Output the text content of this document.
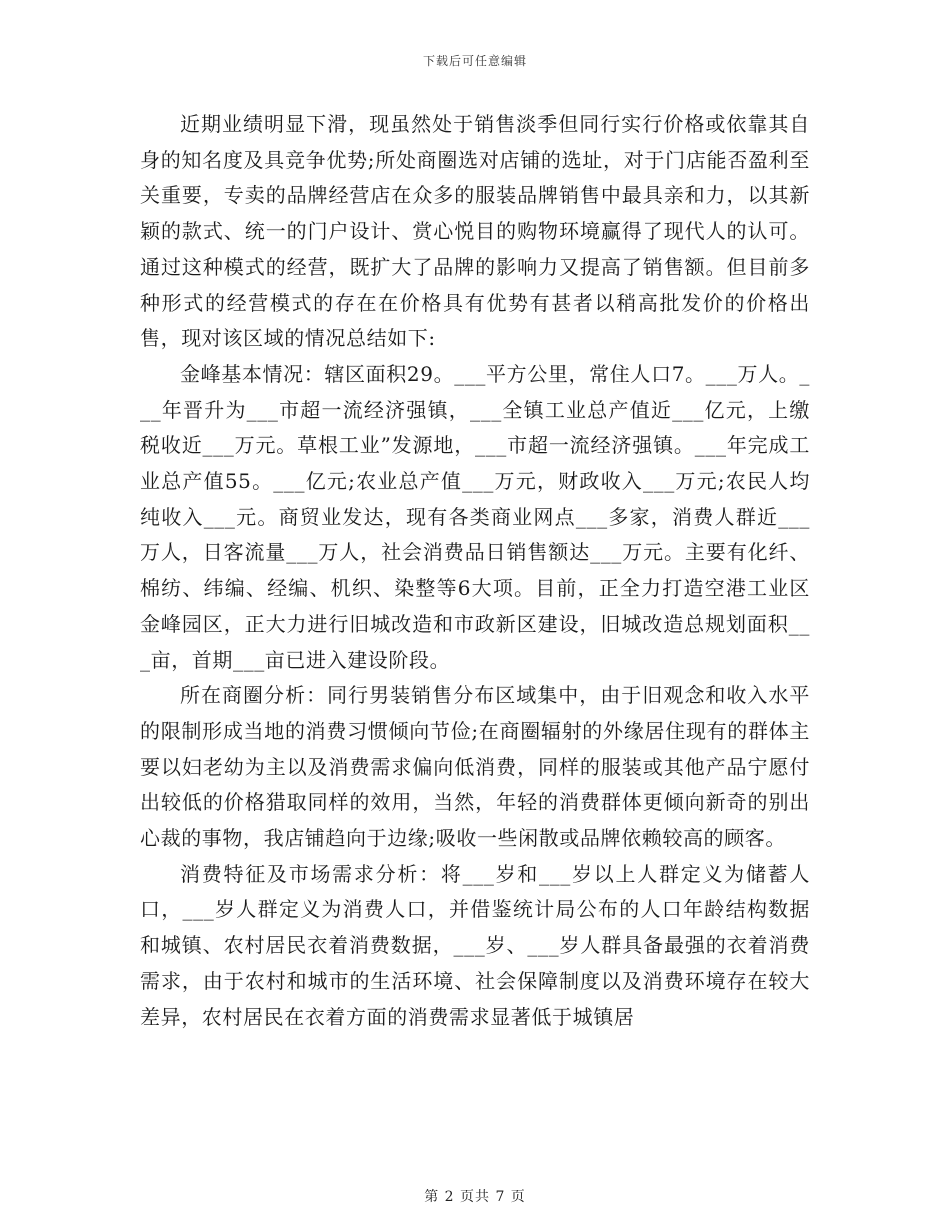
下载后可任意编辑

近期业绩明显下滑，现虽然处于销售淡季但同行实行价格或依靠其自身的知名度及具竞争优势;所处商圈选对店铺的选址，对于门店能否盈利至关重要，专卖的品牌经营店在众多的服装品牌销售中最具亲和力，以其新颖的款式、统一的门户设计、赏心悦目的购物环境赢得了现代人的认可。通过这种模式的经营，既扩大了品牌的影响力又提高了销售额。但目前多种形式的经营模式的存在在价格具有优势有甚者以稍高批发价的价格出售，现对该区域的情况总结如下:

金峰基本情况：辖区面积29。___平方公里，常住人口7。___万人。___年晋升为___市超一流经济强镇，___全镇工业总产值近___亿元，上缴税收近___万元。草根工业”发源地，___市超一流经济强镇。___年完成工业总产值55。___亿元;农业总产值___万元，财政收入___万元;农民人均纯收入___元。商贸业发达，现有各类商业网点___多家，消费人群近___万人，日客流量___万人，社会消费品日销售额达___万元。主要有化纤、棉纺、纬编、经编、机织、染整等6大项。目前，正全力打造空港工业区金峰园区，正大力进行旧城改造和市政新区建设，旧城改造总规划面积___亩，首期___亩已进入建设阶段。

所在商圈分析：同行男装销售分布区域集中，由于旧观念和收入水平的限制形成当地的消费习惯倾向节俭;在商圈辐射的外缘居住现有的群体主要以妇老幼为主以及消费需求偏向低消费，同样的服装或其他产品宁愿付出较低的价格猎取同样的效用，当然，年轻的消费群体更倾向新奇的别出心裁的事物，我店铺趋向于边缘;吸收一些闲散或品牌依赖较高的顾客。

消费特征及市场需求分析：将___岁和___岁以上人群定义为储蓄人口，___岁人群定义为消费人口，并借鉴统计局公布的人口年龄结构数据和城镇、农村居民衣着消费数据，___岁、___岁人群具备最强的衣着消费需求，由于农村和城市的生活环境、社会保障制度以及消费环境存在较大差异，农村居民在衣着方面的消费需求显著低于城镇居

第 2 页共 7 页
